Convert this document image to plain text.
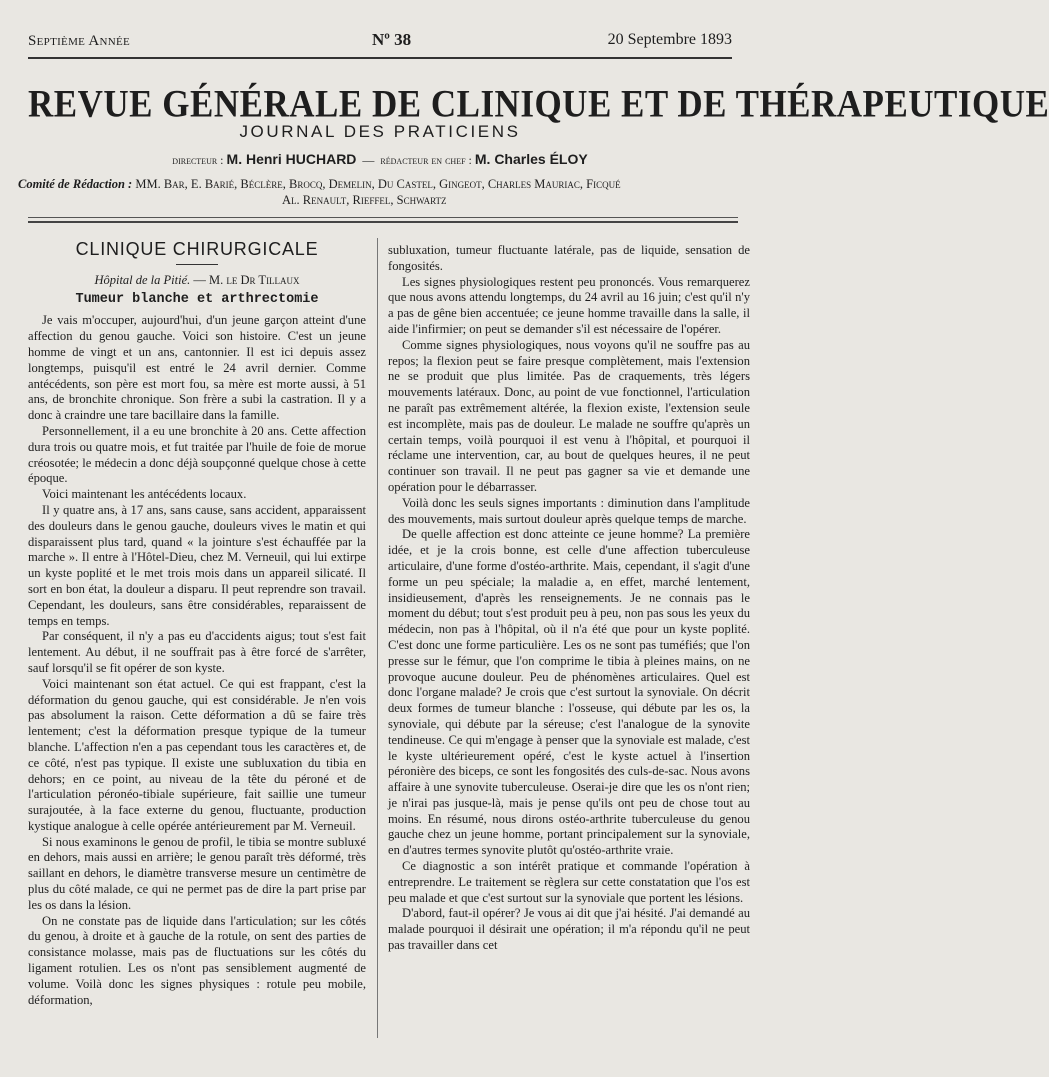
Septième Année	Nº 38	20 Septembre 1893
REVUE GÉNÉRALE DE CLINIQUE ET DE THÉRAPEUTIQUE
JOURNAL DES PRATICIENS
directeur : M. Henri HUCHARD — rédacteur en chef : M. Charles ÉLOY
Comité de Rédaction : MM. Bar, E. Barié, Béclère, Brocq, Demelin, Du Castel, Gingeot, Charles Mauriac, Ficqué
Al. Renault, Rieffel, Schwartz
CLINIQUE CHIRURGICALE
Hôpital de la Pitié. — M. le Dr Tillaux
Tumeur blanche et arthrectomie

Je vais m'occuper, aujourd'hui, d'un jeune garçon atteint d'une affection du genou gauche. Voici son histoire. C'est un jeune homme de vingt et un ans, cantonnier. Il est ici depuis assez longtemps, puisqu'il est entré le 24 avril dernier. Comme antécédents, son père est mort fou, sa mère est morte aussi, à 51 ans, de bronchite chronique. Son frère a subi la castration. Il y a donc à craindre une tare bacillaire dans la famille.

Personnellement, il a eu une bronchite à 20 ans. Cette affection dura trois ou quatre mois, et fut traitée par l'huile de foie de morue créosotée; le médecin a donc déjà soupçonné quelque chose à cette époque.

Voici maintenant les antécédents locaux.

Il y quatre ans, à 17 ans, sans cause, sans accident, apparaissent des douleurs dans le genou gauche, douleurs vives le matin et qui disparaissent plus tard, quand « la jointure s'est échauffée par la marche ». Il entre à l'Hôtel-Dieu, chez M. Verneuil, qui lui extirpe un kyste poplité et le met trois mois dans un appareil silicaté. Il sort en bon état, la douleur a disparu. Il peut reprendre son travail. Cependant, les douleurs, sans être considérables, reparaissent de temps en temps.

Par conséquent, il n'y a pas eu d'accidents aigus; tout s'est fait lentement. Au début, il ne souffrait pas à être forcé de s'arrêter, sauf lorsqu'il se fit opérer de son kyste.

Voici maintenant son état actuel. Ce qui est frappant, c'est la déformation du genou gauche, qui est considérable. Je n'en vois pas absolument la raison. Cette déformation a dû se faire très lentement; c'est la déformation presque typique de la tumeur blanche. L'affection n'en a pas cependant tous les caractères et, de ce côté, n'est pas typique. Il existe une subluxation du tibia en dehors; en ce point, au niveau de la tête du péroné et de l'articulation péronéo-tibiale supérieure, fait saillie une tumeur surajoutée, à la face externe du genou, fluctuante, production kystique analogue à celle opérée antérieurement par M. Verneuil.

Si nous examinons le genou de profil, le tibia se montre subluxé en dehors, mais aussi en arrière; le genou paraît très déformé, très saillant en dehors, le diamètre transverse mesure un centimètre de plus du côté malade, ce qui ne permet pas de dire la part prise par les os dans la lésion.

On ne constate pas de liquide dans l'articulation; sur les côtés du genou, à droite et à gauche de la rotule, on sent des parties de consistance molasse, mais pas de fluctuations sur les côtés du ligament rotulien. Les os n'ont pas sensiblement augmenté de volume. Voilà donc les signes physiques : rotule peu mobile, déformation,

subluxation, tumeur fluctuante latérale, pas de liquide, sensation de fongosités.

Les signes physiologiques restent peu prononcés. Vous remarquerez que nous avons attendu longtemps, du 24 avril au 16 juin; c'est qu'il n'y a pas de gêne bien accentuée; ce jeune homme travaille dans la salle, il aide l'infirmier; on peut se demander s'il est nécessaire de l'opérer.

Comme signes physiologiques, nous voyons qu'il ne souffre pas au repos; la flexion peut se faire presque complètement, mais l'extension ne se produit que plus limitée. Pas de craquements, très légers mouvements latéraux. Donc, au point de vue fonctionnel, l'articulation ne paraît pas extrêmement altérée, la flexion existe, l'extension seule est incomplète, mais pas de douleur. Le malade ne souffre qu'après un certain temps, voilà pourquoi il est venu à l'hôpital, et pourquoi il réclame une intervention, car, au bout de quelques heures, il ne peut continuer son travail. Il ne peut pas gagner sa vie et demande une opération pour le débarrasser.

Voilà donc les seuls signes importants : diminution dans l'amplitude des mouvements, mais surtout douleur après quelque temps de marche.

De quelle affection est donc atteinte ce jeune homme? La première idée, et je la crois bonne, est celle d'une affection tuberculeuse articulaire, d'une forme d'ostéo-arthrite. Mais, cependant, il s'agit d'une forme un peu spéciale; la maladie a, en effet, marché lentement, insidieusement, d'après les renseignements. Je ne connais pas le moment du début; tout s'est produit peu à peu, non pas sous les yeux du médecin, non pas à l'hôpital, où il n'a été que pour un kyste poplité. C'est donc une forme particulière. Les os ne sont pas tuméfiés; que l'on presse sur le fémur, que l'on comprime le tibia à pleines mains, on ne provoque aucune douleur. Peu de phénomènes articulaires. Quel est donc l'organe malade? Je crois que c'est surtout la synoviale. On décrit deux formes de tumeur blanche : l'osseuse, qui débute par les os, la synoviale, qui débute par la séreuse; c'est l'analogue de la synovite tendineuse. Ce qui m'engage à penser que la synoviale est malade, c'est le kyste ultérieurement opéré, c'est le kyste actuel à l'insertion péronière des biceps, ce sont les fongosités des culs-de-sac. Nous avons affaire à une synovite tuberculeuse. Oserai-je dire que les os n'ont rien; je n'irai pas jusque-là, mais je pense qu'ils ont peu de chose tout au moins. En résumé, nous dirons ostéo-arthrite tuberculeuse du genou gauche chez un jeune homme, portant principalement sur la synoviale, en d'autres termes synovite plutôt qu'ostéo-arthrite vraie.

Ce diagnostic a son intérêt pratique et commande l'opération à entreprendre. Le traitement se règlera sur cette constatation que l'os est peu malade et que c'est surtout sur la synoviale que portent les lésions.

D'abord, faut-il opérer? Je vous ai dit que j'ai hésité. J'ai demandé au malade pourquoi il désirait une opération; il m'a répondu qu'il ne peut pas travailler dans cet
